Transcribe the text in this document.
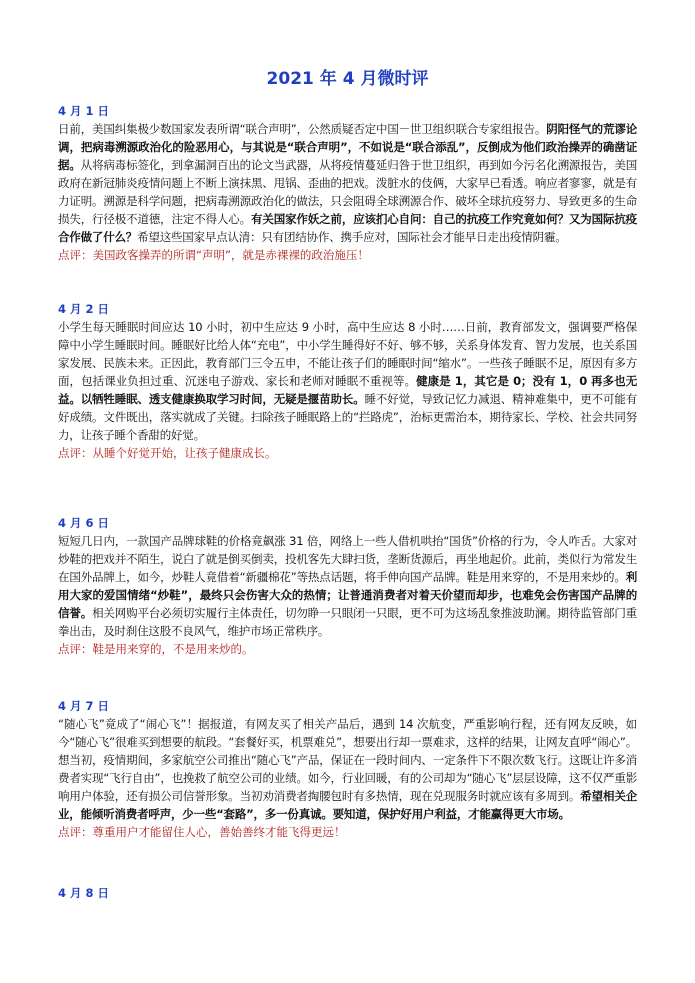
2021 年 4 月微时评

4 月 1 日

日前，美国纠集极少数国家发表所谓“联合声明”，公然质疑否定中国－世卫组织联合专家组报告。阴阳怪气的荒谬论调，把病毒溯源政治化的险恶用心，与其说是“联合声明”，不如说是“联合添乱”，反倒成为他们政治操弄的确凿证据。从将病毒标签化，到拿漏洞百出的论文当武器，从将疫情蔓延归咎于世卫组织，再到如今污名化溯源报告，美国政府在新冠肺炎疫情问题上不断上演抹黑、甩锅、歪曲的把戏。泼脏水的伎俩，大家早已看透。响应者寥寥，就是有力证明。溯源是科学问题，把病毒溯源政治化的做法，只会阻碍全球溯源合作、破坏全球抗疫努力、导致更多的生命损失，行径极不道德，注定不得人心。有关国家作妖之前，应该扪心自问：自己的抗疫工作究竟如何？又为国际抗疫合作做了什么？希望这些国家早点认清：只有团结协作、携手应对，国际社会才能早日走出疫情阴霾。

点评：美国政客操弄的所谓“声明”，就是赤裸裸的政治施压！

4 月 2 日

小学生每天睡眠时间应达 10 小时，初中生应达 9 小时，高中生应达 8 小时……日前，教育部发文，强调要严格保障中小学生睡眠时间。睡眠好比给人体“充电”，中小学生睡得好不好、够不够，关系身体发育、智力发展，也关系国家发展、民族未来。正因此，教育部门三令五申，不能让孩子们的睡眠时间“缩水”。一些孩子睡眠不足，原因有多方面，包括课业负担过重、沉迷电子游戏、家长和老师对睡眠不重视等。健康是 1，其它是 0；没有 1，0 再多也无益。以牺牲睡眠、透支健康换取学习时间，无疑是揠苗助长。睡不好觉，导致记忆力减退、精神难集中，更不可能有好成绩。文件既出，落实就成了关键。扫除孩子睡眠路上的“拦路虎”，治标更需治本，期待家长、学校、社会共同努力，让孩子睡个香甜的好觉。

点评：从睡个好觉开始，让孩子健康成长。

4 月 6 日

短短几日内，一款国产品牌球鞋的价格竟飙涨 31 倍，网络上一些人借机哄抬“国货”价格的行为，令人咋舌。大家对炒鞋的把戏并不陌生，说白了就是倒买倒卖，投机客先大肆扫货，垄断货源后，再坐地起价。此前，类似行为常发生在国外品牌上，如今，炒鞋人竟借着“新疆棉花”等热点话题，将手伸向国产品牌。鞋是用来穿的，不是用来炒的。利用大家的爱国情绪“炒鞋”，最终只会伤害大众的热情；让普通消费者对着天价望而却步，也难免会伤害国产品牌的信誉。相关网购平台必须切实履行主体责任，切勿睁一只眼闭一只眼，更不可为这场乱象推波助澜。期待监管部门重拳出击，及时刹住这股不良风气，维护市场正常秩序。

点评：鞋是用来穿的，不是用来炒的。

4 月 7 日

“随心飞”竟成了“闹心飞”！据报道，有网友买了相关产品后，遇到 14 次航变，严重影响行程，还有网友反映，如今“随心飞”很难买到想要的航段。“套餐好买，机票难兑”，想要出行却一票难求，这样的结果，让网友直呼“闹心”。想当初，疫情期间，多家航空公司推出“随心飞”产品，保证在一段时间内、一定条件下不限次数飞行。这既让许多消费者实现“飞行自由”，也挽救了航空公司的业绩。如今，行业回暖，有的公司却为“随心飞”层层设障，这不仅严重影响用户体验，还有损公司信誉形象。当初劝消费者掏腰包时有多热情，现在兑现服务时就应该有多周到。希望相关企业，能倾听消费者呼声，少一些“套路”，多一份真诚。要知道，保护好用户利益，才能赢得更大市场。

点评：尊重用户才能留住人心，善始善终才能飞得更远！

4 月 8 日
